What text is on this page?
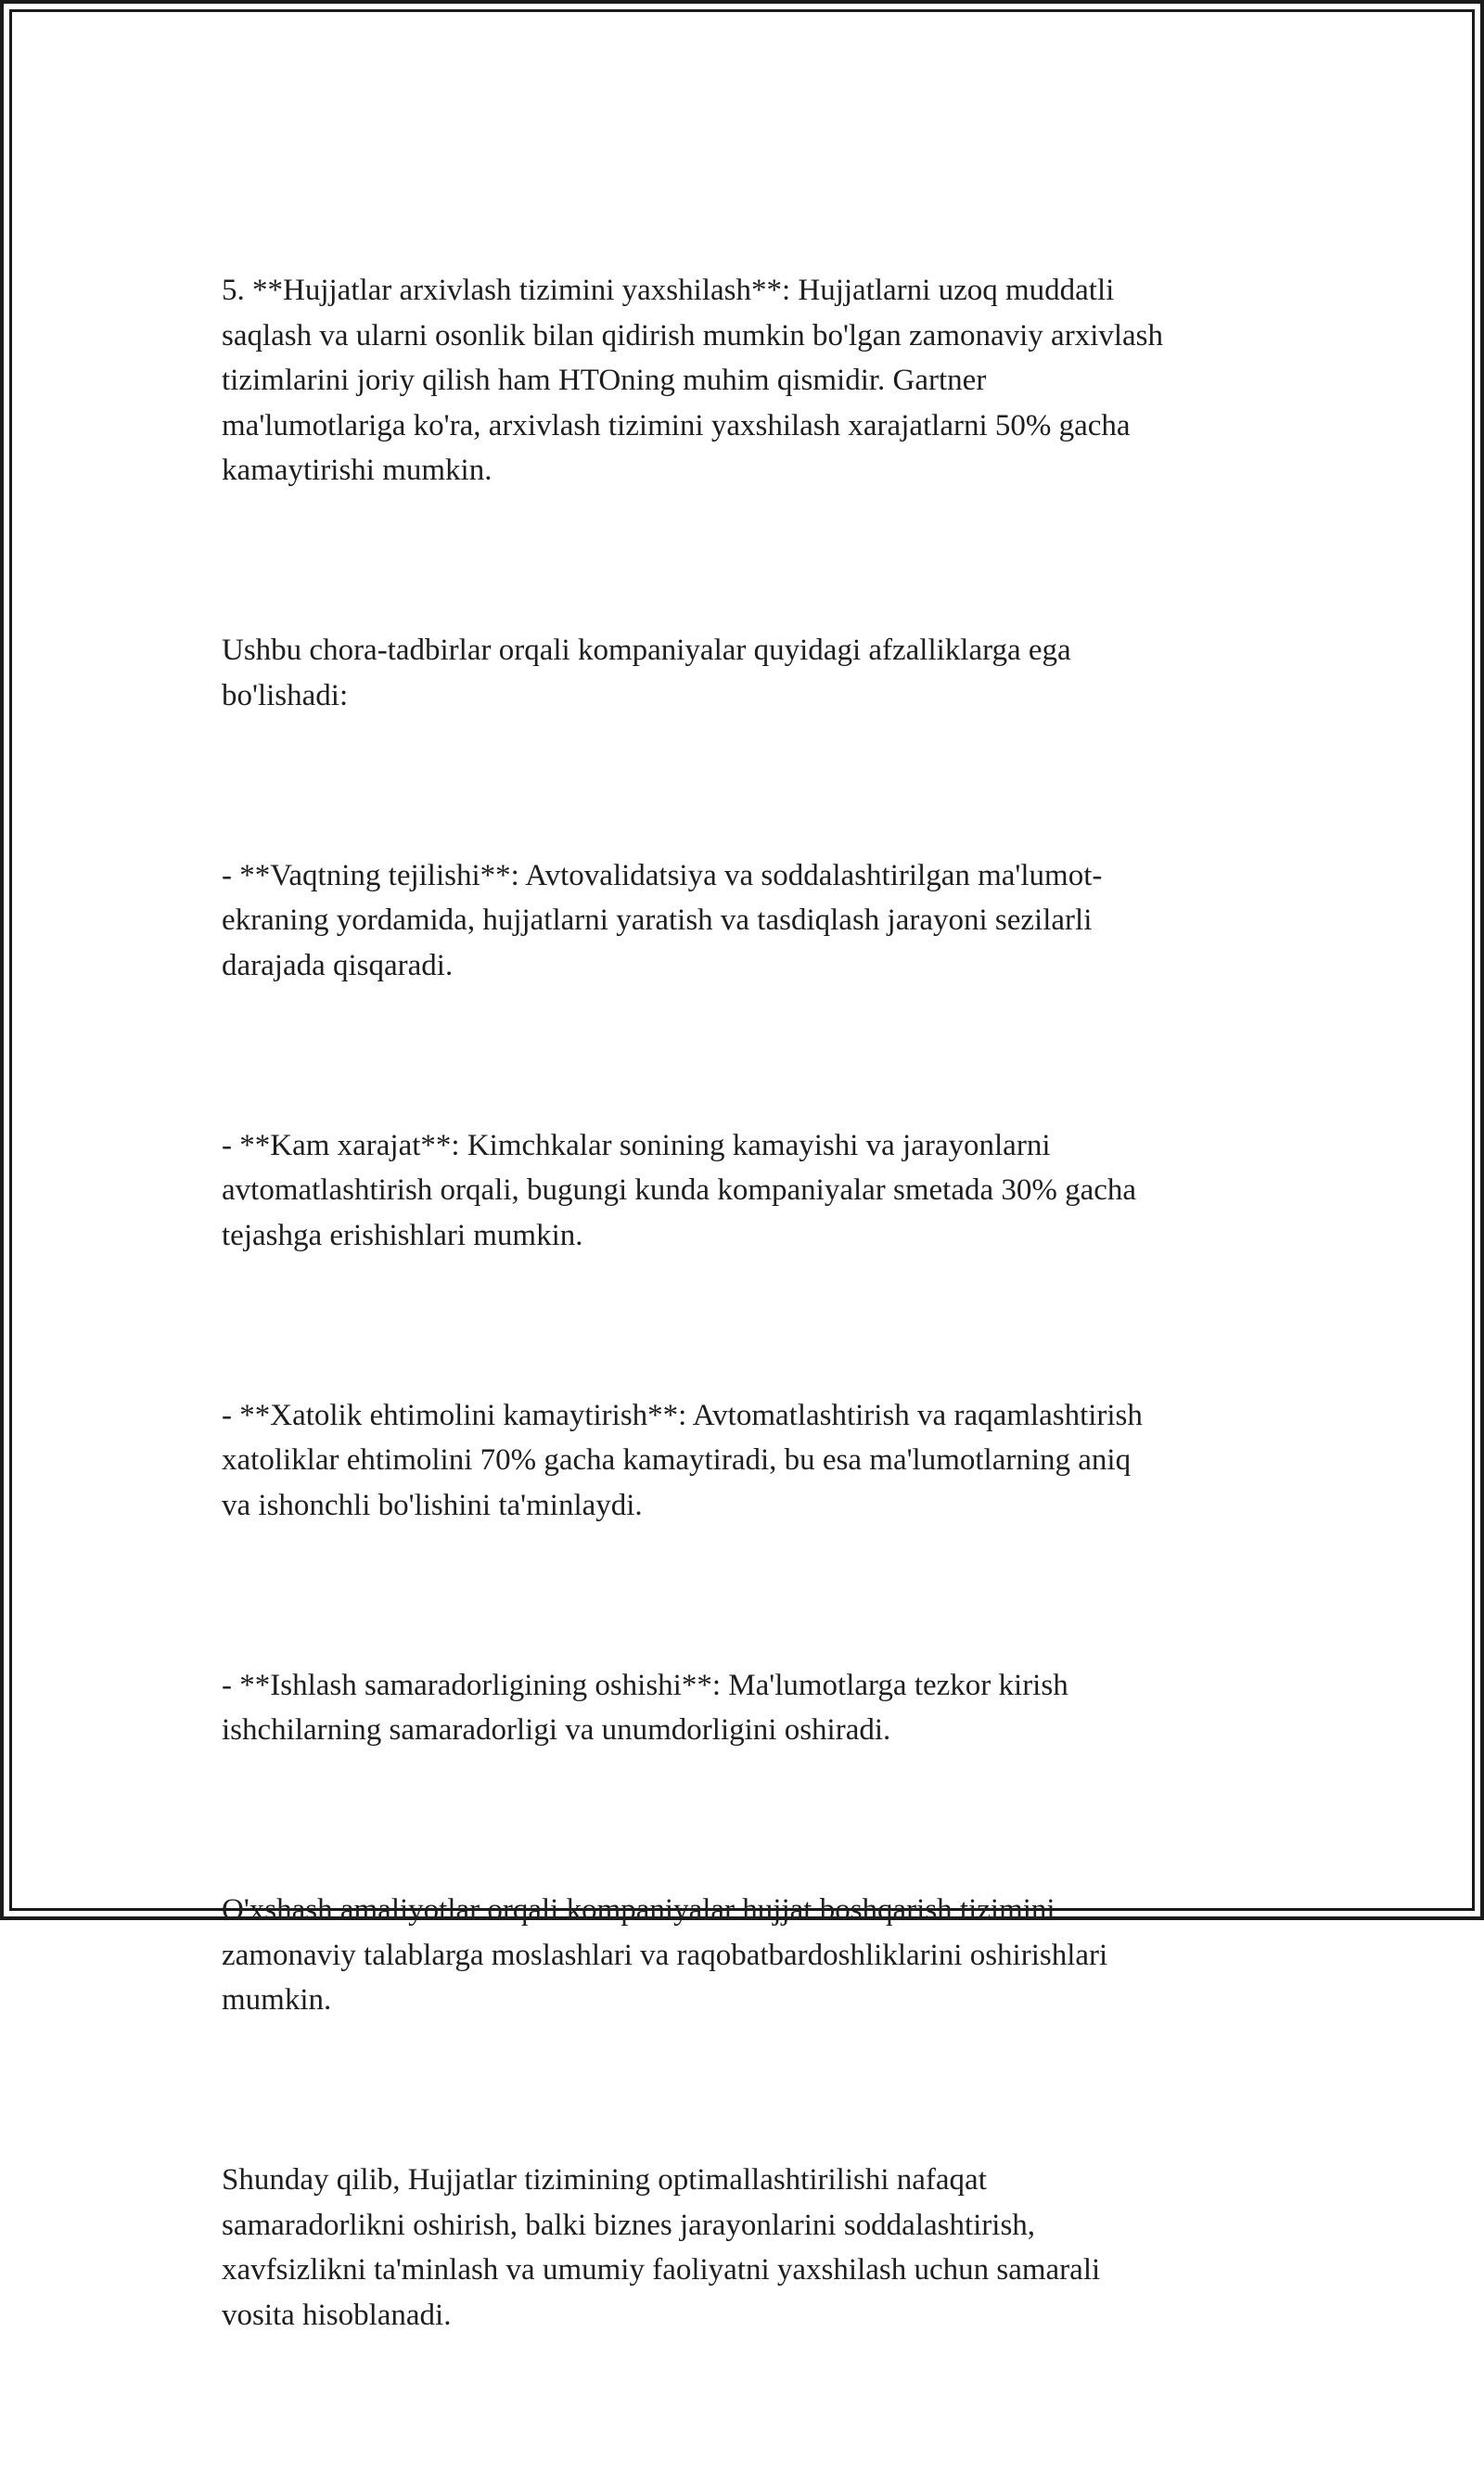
5. **Hujjatlar arxivlash tizimini yaxshilash**: Hujjatlarni uzoq muddatli
saqlash va ularni osonlik bilan qidirish mumkin bo'lgan zamonaviy arxivlash
tizimlarini joriy qilish ham HTOning muhim qismidir. Gartner
ma'lumotlariga ko'ra, arxivlash tizimini yaxshilash xarajatlarni 50% gacha
kamaytirishi mumkin.

Ushbu chora-tadbirlar orqali kompaniyalar quyidagi afzalliklarga ega
bo'lishadi:

- **Vaqtning tejilishi**: Avtovalidatsiya va soddalashtirilgan ma'lumot-
ekraning yordamida, hujjatlarni yaratish va tasdiqlash jarayoni sezilarli
darajada qisqaradi.

- **Kam xarajat**: Kimchkalar sonining kamayishi va jarayonlarni
avtomatlashtirish orqali, bugungi kunda kompaniyalar smetada 30% gacha
tejashga erishishlari mumkin.

- **Xatolik ehtimolini kamaytirish**: Avtomatlashtirish va raqamlashtirish
xatoliklar ehtimolini 70% gacha kamaytiradi, bu esa ma'lumotlarning aniq
va ishonchli bo'lishini ta'minlaydi.

- **Ishlash samaradorligining oshishi**: Ma'lumotlarga tezkor kirish
ishchilarning samaradorligi va unumdorligini oshiradi.

O'xshash amaliyotlar orqali kompaniyalar hujjat boshqarish tizimini
zamonaviy talablarga moslashlari va raqobatbardoshliklarini oshirishlari
mumkin.

Shunday qilib, Hujjatlar tizimining optimallashtirilishi nafaqat
samaradorlikni oshirish, balki biznes jarayonlarini soddalashtirish,
xavfsizlikni ta'minlash va umumiy faoliyatni yaxshilash uchun samarali
vosita hisoblanadi.
